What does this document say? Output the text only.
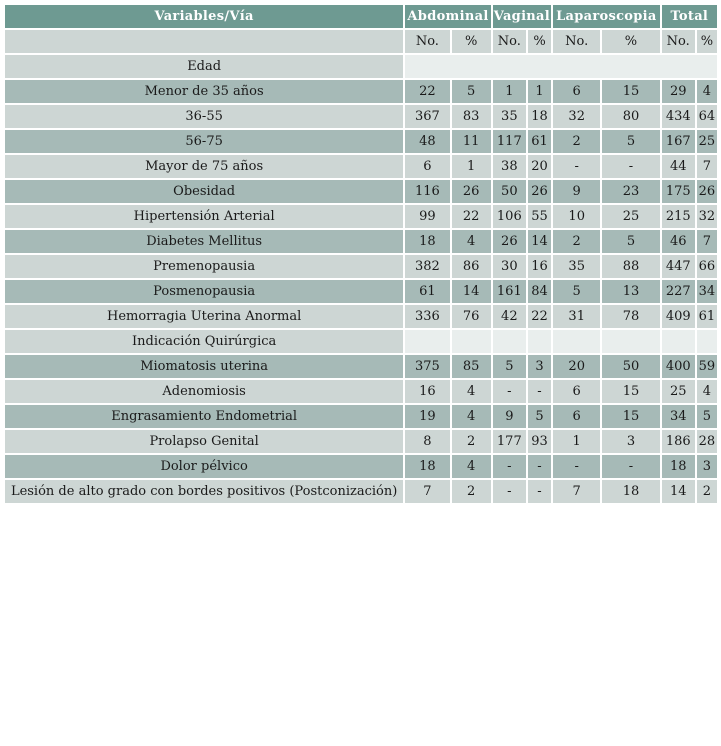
Variables/Vía	Abdominal		Vaginal		Laparoscopia		Total	
	No.	%	No.	%	No.	%	No.	%
Edad								
Menor de 35 años	22	5	1	1	6	15	29	4
36-55	367	83	35	18	32	80	434	64
56-75	48	11	117	61	2	5	167	25
Mayor de 75 años	6	1	38	20	-	-	44	7
Obesidad	116	26	50	26	9	23	175	26
Hipertensión Arterial	99	22	106	55	10	25	215	32
Diabetes Mellitus	18	4	26	14	2	5	46	7
Premenopausia	382	86	30	16	35	88	447	66
Posmenopausia	61	14	161	84	5	13	227	34
Hemorragia Uterina Anormal	336	76	42	22	31	78	409	61
Indicación Quirúrgica								
Miomatosis uterina	375	85	5	3	20	50	400	59
Adenomiosis	16	4	-	-	6	15	25	4
Engrasamiento Endometrial	19	4	9	5	6	15	34	5
Prolapso Genital	8	2	177	93	1	3	186	28
Dolor pélvico	18	4	-	-	-	-	18	3
Lesión de alto grado con bordes positivos (Postconización)	7	2	-	-	7	18	14	2
